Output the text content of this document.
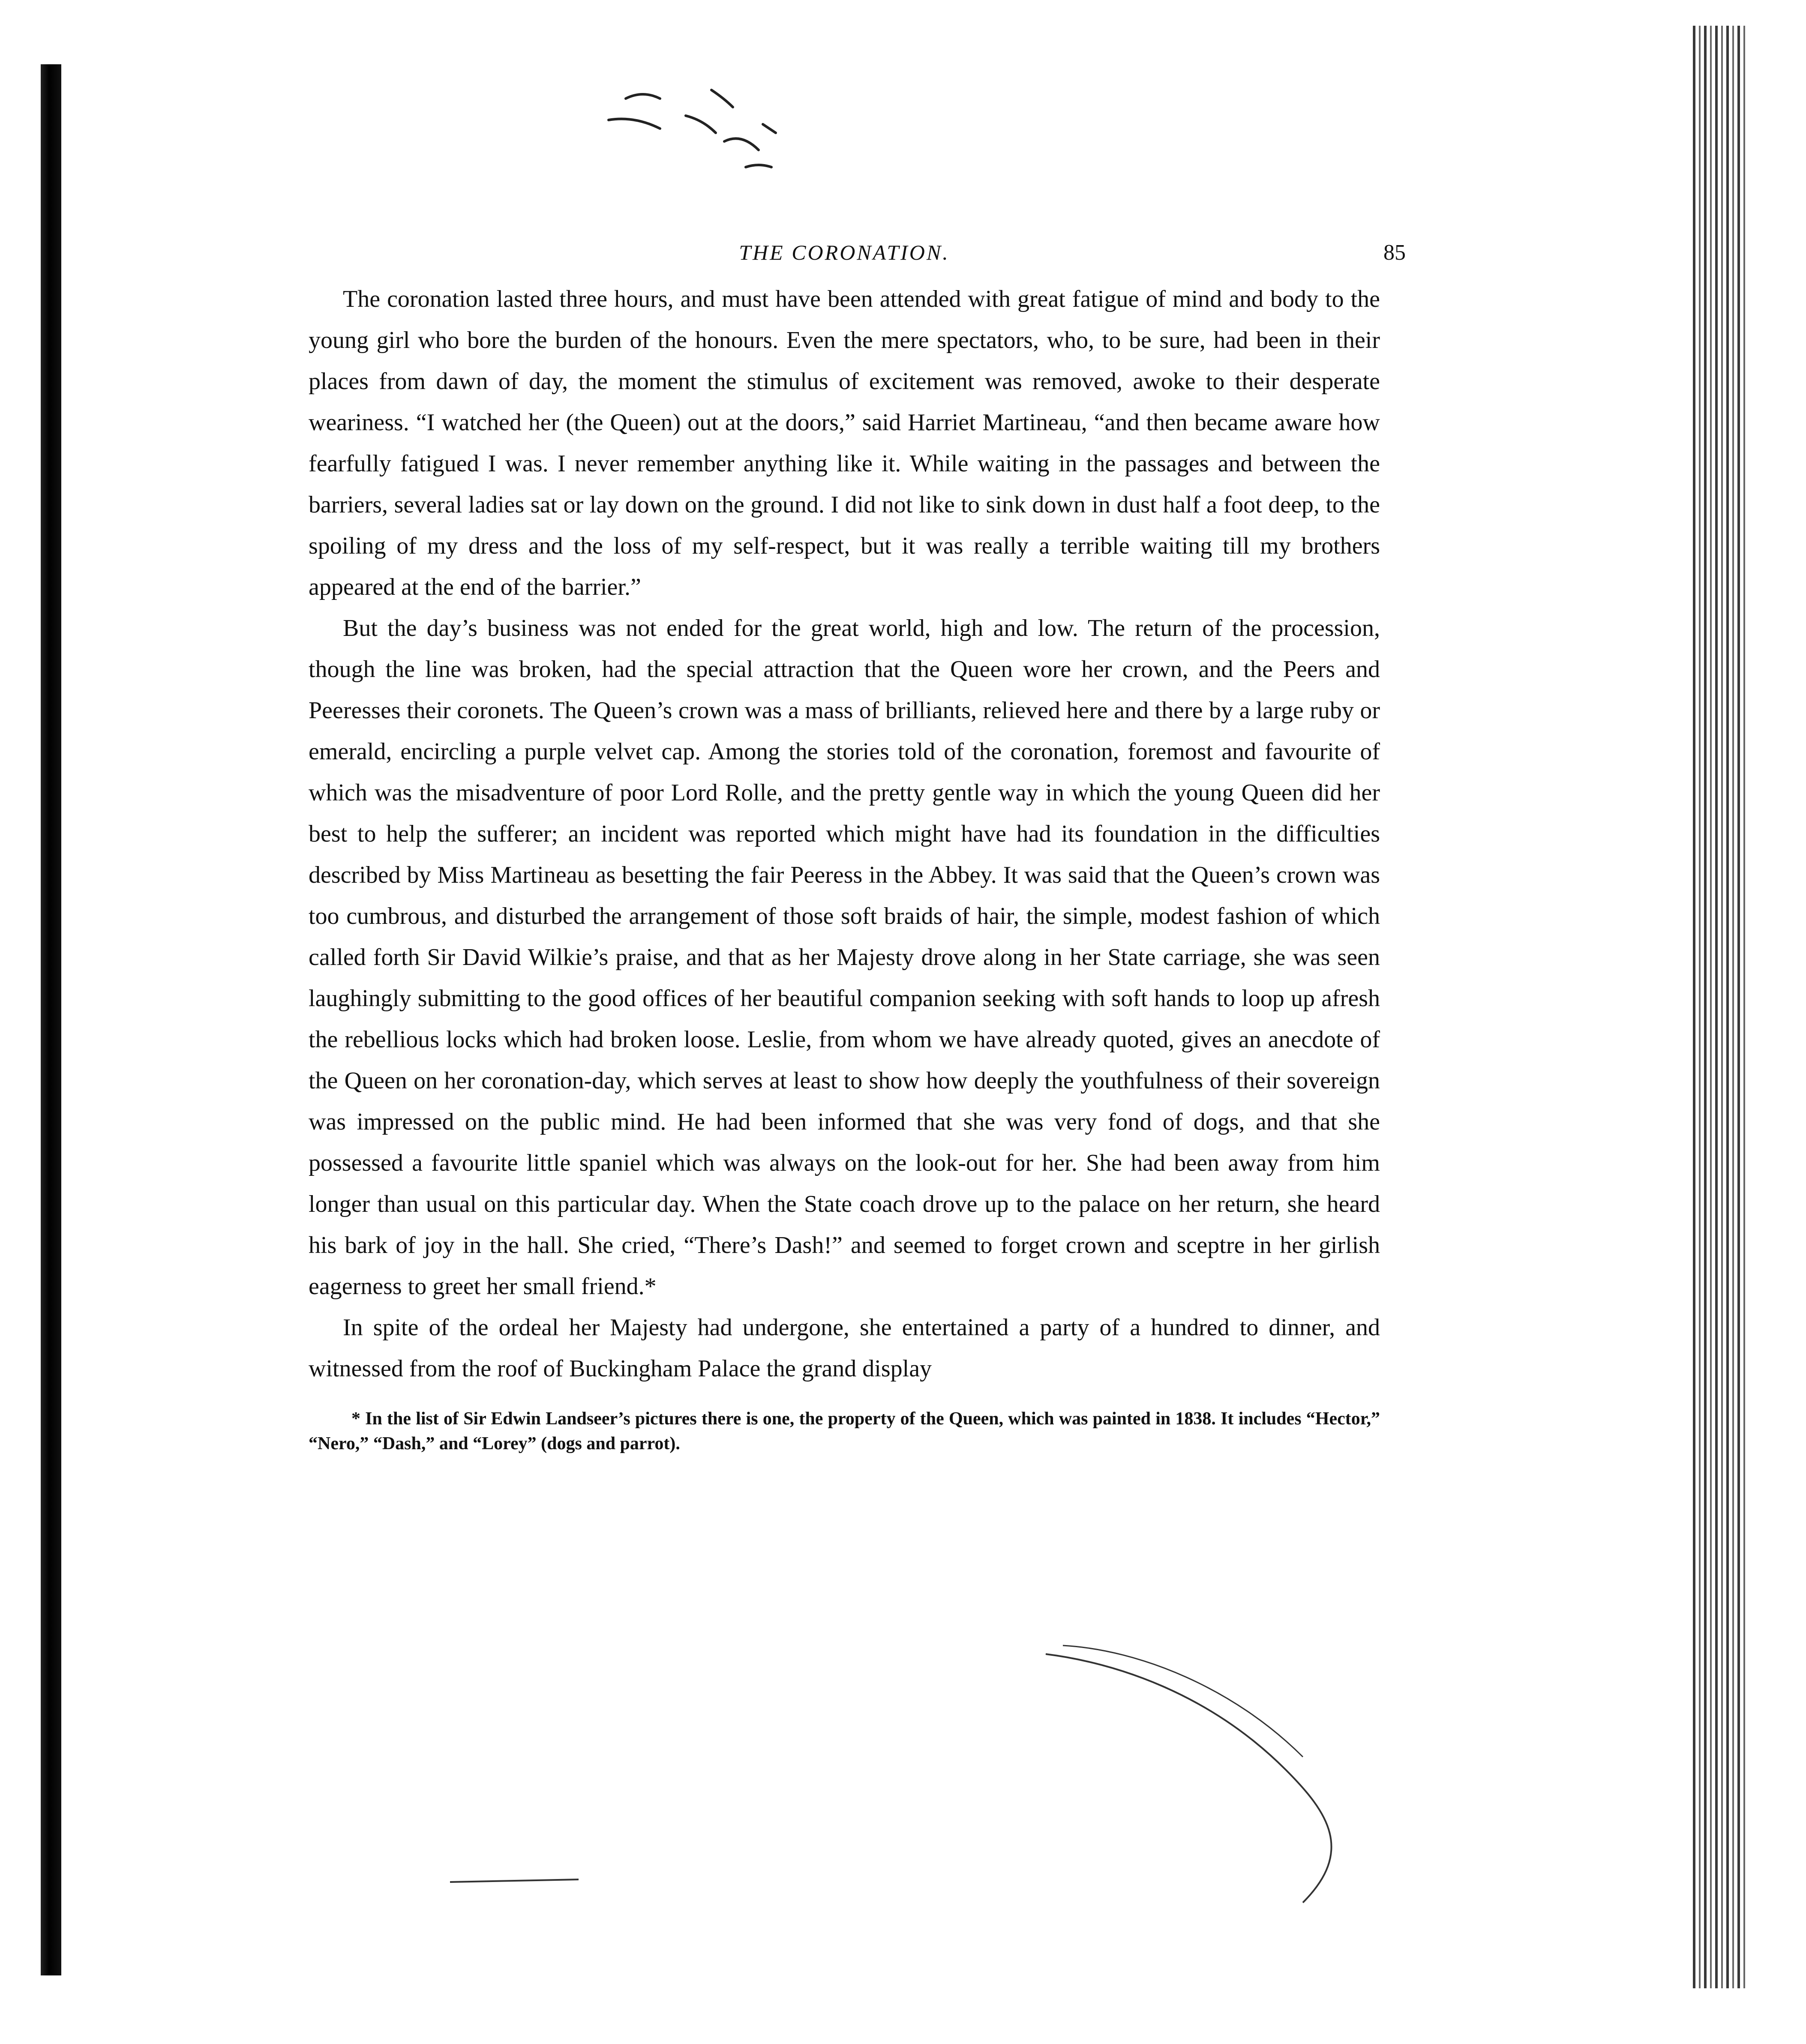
THE CORONATION.	85

The coronation lasted three hours, and must have been attended with great fatigue of mind and body to the young girl who bore the burden of the honours. Even the mere spectators, who, to be sure, had been in their places from dawn of day, the moment the stimulus of excitement was removed, awoke to their desperate weariness. “I watched her (the Queen) out at the doors,” said Harriet Martineau, “and then became aware how fearfully fatigued I was. I never remember anything like it. While waiting in the passages and between the barriers, several ladies sat or lay down on the ground. I did not like to sink down in dust half a foot deep, to the spoiling of my dress and the loss of my self-respect, but it was really a terrible waiting till my brothers appeared at the end of the barrier.”

But the day’s business was not ended for the great world, high and low. The return of the procession, though the line was broken, had the special attraction that the Queen wore her crown, and the Peers and Peeresses their coronets. The Queen’s crown was a mass of brilliants, relieved here and there by a large ruby or emerald, encircling a purple velvet cap. Among the stories told of the coronation, foremost and favourite of which was the misadventure of poor Lord Rolle, and the pretty gentle way in which the young Queen did her best to help the sufferer; an incident was reported which might have had its foundation in the difficulties described by Miss Martineau as besetting the fair Peeress in the Abbey. It was said that the Queen’s crown was too cumbrous, and disturbed the arrangement of those soft braids of hair, the simple, modest fashion of which called forth Sir David Wilkie’s praise, and that as her Majesty drove along in her State carriage, she was seen laughingly submitting to the good offices of her beautiful companion seeking with soft hands to loop up afresh the rebellious locks which had broken loose. Leslie, from whom we have already quoted, gives an anecdote of the Queen on her coronation-day, which serves at least to show how deeply the youthfulness of their sovereign was impressed on the public mind. He had been informed that she was very fond of dogs, and that she possessed a favourite little spaniel which was always on the look-out for her. She had been away from him longer than usual on this particular day. When the State coach drove up to the palace on her return, she heard his bark of joy in the hall. She cried, “There’s Dash!” and seemed to forget crown and sceptre in her girlish eagerness to greet her small friend.*

In spite of the ordeal her Majesty had undergone, she entertained a party of a hundred to dinner, and witnessed from the roof of Buckingham Palace the grand display

* In the list of Sir Edwin Landseer’s pictures there is one, the property of the Queen, which was painted in 1838. It includes “Hector,” “Nero,” “Dash,” and “Lorey” (dogs and parrot).
